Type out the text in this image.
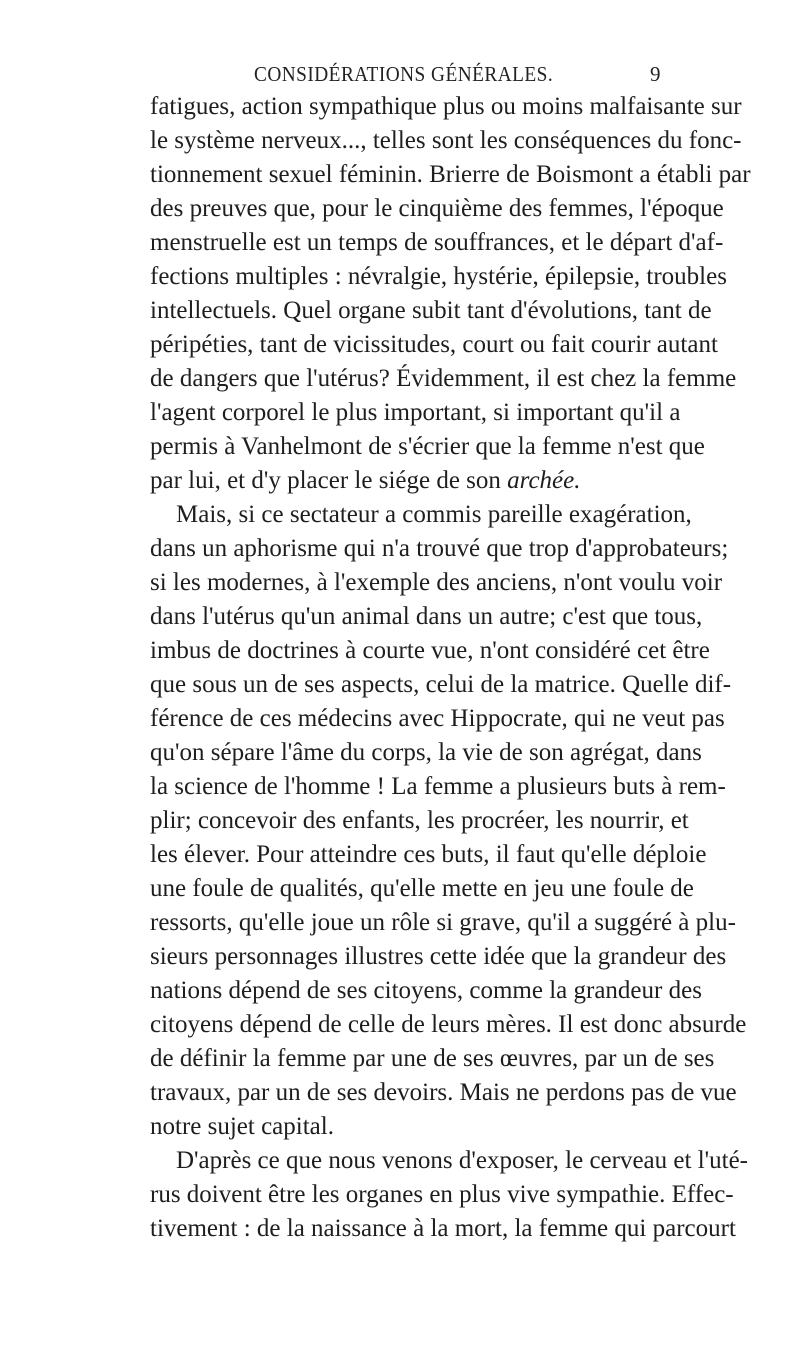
CONSIDÉRATIONS GÉNÉRALES.	9
fatigues, action sympathique plus ou moins malfaisante sur
le système nerveux..., telles sont les conséquences du fonc-
tionnement sexuel féminin. Brierre de Boismont a établi par
des preuves que, pour le cinquième des femmes, l'époque
menstruelle est un temps de souffrances, et le départ d'af-
fections multiples : névralgie, hystérie, épilepsie, troubles
intellectuels. Quel organe subit tant d'évolutions, tant de
péripéties, tant de vicissitudes, court ou fait courir autant
de dangers que l'utérus? Évidemment, il est chez la femme
l'agent corporel le plus important, si important qu'il a
permis à Vanhelmont de s'écrier que la femme n'est que
par lui, et d'y placer le siége de son archée.
Mais, si ce sectateur a commis pareille exagération,
dans un aphorisme qui n'a trouvé que trop d'approbateurs;
si les modernes, à l'exemple des anciens, n'ont voulu voir
dans l'utérus qu'un animal dans un autre; c'est que tous,
imbus de doctrines à courte vue, n'ont considéré cet être
que sous un de ses aspects, celui de la matrice. Quelle dif-
férence de ces médecins avec Hippocrate, qui ne veut pas
qu'on sépare l'âme du corps, la vie de son agrégat, dans
la science de l'homme ! La femme a plusieurs buts à rem-
plir; concevoir des enfants, les procréer, les nourrir, et
les élever. Pour atteindre ces buts, il faut qu'elle déploie
une foule de qualités, qu'elle mette en jeu une foule de
ressorts, qu'elle joue un rôle si grave, qu'il a suggéré à plu-
sieurs personnages illustres cette idée que la grandeur des
nations dépend de ses citoyens, comme la grandeur des
citoyens dépend de celle de leurs mères. Il est donc absurde
de définir la femme par une de ses œuvres, par un de ses
travaux, par un de ses devoirs. Mais ne perdons pas de vue
notre sujet capital.
D'après ce que nous venons d'exposer, le cerveau et l'uté-
rus doivent être les organes en plus vive sympathie. Effec-
tivement : de la naissance à la mort, la femme qui parcourt
